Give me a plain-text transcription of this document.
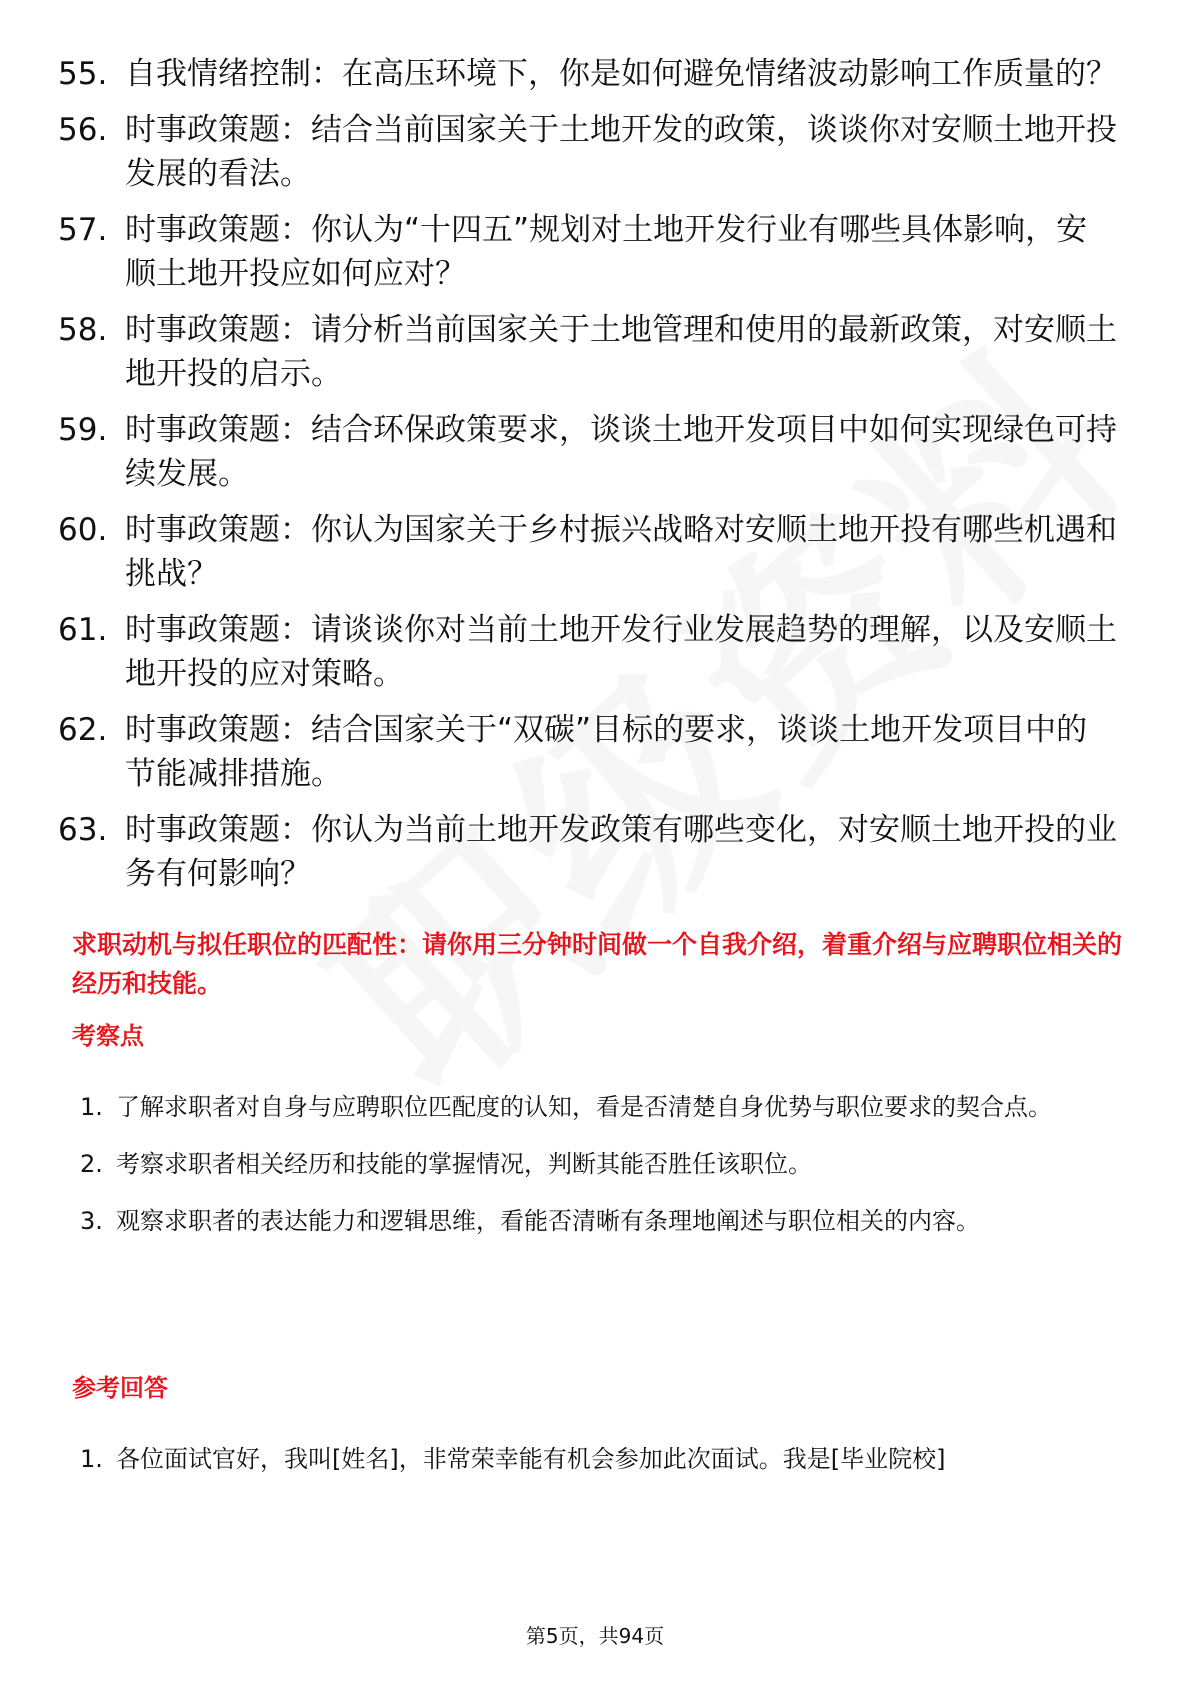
55. 自我情绪控制：在高压环境下，你是如何避免情绪波动影响工作质量的？
56. 时事政策题：结合当前国家关于土地开发的政策，谈谈你对安顺土地开投发展的看法。
57. 时事政策题：你认为“十四五”规划对土地开发行业有哪些具体影响，安顺土地开投应如何应对？
58. 时事政策题：请分析当前国家关于土地管理和使用的最新政策，对安顺土地开投的启示。
59. 时事政策题：结合环保政策要求，谈谈土地开发项目中如何实现绿色可持续发展。
60. 时事政策题：你认为国家关于乡村振兴战略对安顺土地开投有哪些机遇和挑战？
61. 时事政策题：请谈谈你对当前土地开发行业发展趋势的理解，以及安顺土地开投的应对策略。
62. 时事政策题：结合国家关于“双碳”目标的要求，谈谈土地开发项目中的节能减排措施。
63. 时事政策题：你认为当前土地开发政策有哪些变化，对安顺土地开投的业务有何影响？
求职动机与拟任职位的匹配性：请你用三分钟时间做一个自我介绍，着重介绍与应聘职位相关的经历和技能。
考察点
1. 了解求职者对自身与应聘职位匹配度的认知，看是否清楚自身优势与职位要求的契合点。
2. 考察求职者相关经历和技能的掌握情况，判断其能否胜任该职位。
3. 观察求职者的表达能力和逻辑思维，看能否清晰有条理地阐述与职位相关的内容。
参考回答
1. 各位面试官好，我叫[姓名]，非常荣幸能有机会参加此次面试。我是[毕业院校]
第5页，共94页
